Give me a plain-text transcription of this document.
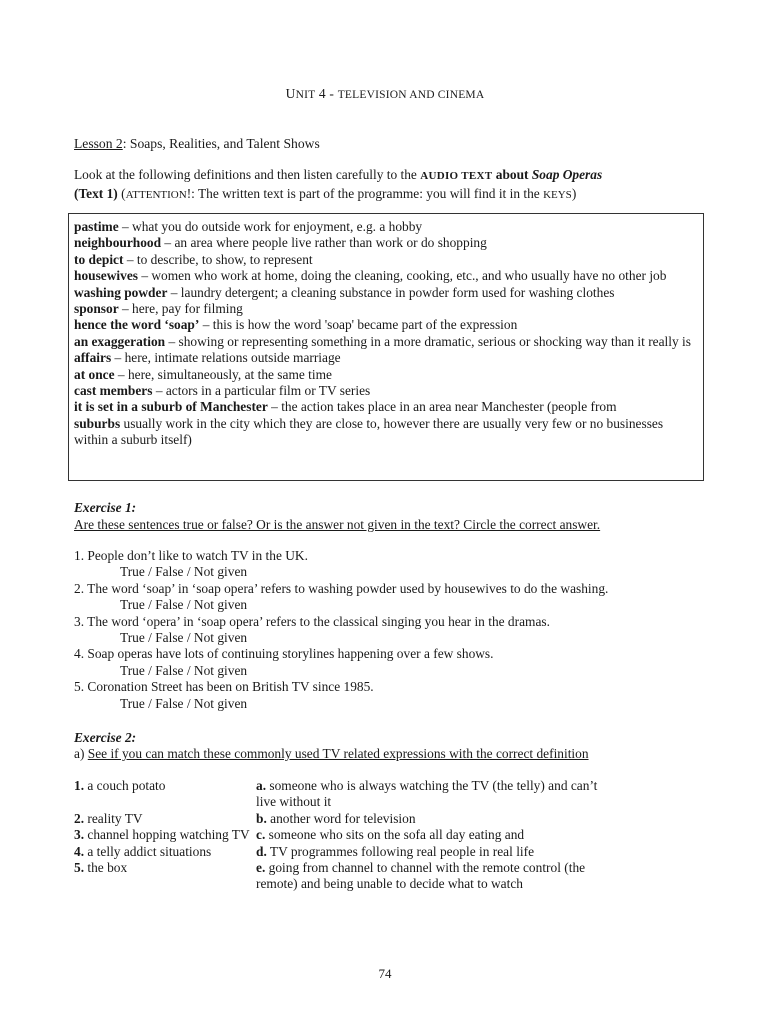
UNIT 4 - TELEVISION AND CINEMA
Lesson 2: Soaps, Realities, and Talent Shows
Look at the following definitions and then listen carefully to the AUDIO TEXT about Soap Operas
(Text 1) (ATTENTION!: The written text is part of the programme: you will find it in the KEYS)

pastime – what you do outside work for enjoyment, e.g. a hobby

neighbourhood – an area where people live rather than work or do shopping

to depict – to describe, to show, to represent

housewives – women who work at home, doing the cleaning, cooking, etc., and who usually have no other job

washing powder – laundry detergent; a cleaning substance in powder form used for washing clothes

sponsor – here, pay for filming

hence the word ‘soap’ – this is how the word 'soap' became part of the expression

an exaggeration – showing or representing something in a more dramatic, serious or shocking way than it really is

affairs – here, intimate relations outside marriage

at once – here, simultaneously, at the same time

cast members – actors in a particular film or TV series

it is set in a suburb of Manchester – the action takes place in an area near Manchester (people from
suburbs usually work in the city which they are close to, however there are usually very few or no businesses within a suburb itself)

Exercise 1:
Are these sentences true or false? Or is the answer not given in the text? Circle the correct answer.

1. People don’t like to watch TV in the UK.

True / False / Not given

2. The word ‘soap’ in ‘soap opera’ refers to washing powder used by housewives to do the washing.

True / False / Not given

3. The word ‘opera’ in ‘soap opera’ refers to the classical singing you hear in the dramas.

True / False / Not given

4. Soap operas have lots of continuing storylines happening over a few shows.

True / False / Not given

5. Coronation Street has been on British TV since 1985.

True / False / Not given

Exercise 2:
a) See if you can match these commonly used TV related expressions with the correct definition
1. a couch potato	a. someone who is always watching the TV (the telly) and can’t live without it
2. reality TV	b. another word for television
3. channel hopping watching TV c. someone who sits on the sofa all day eating and
4. a telly addict situations	d. TV programmes following real people in real life
5. the box	e. going from channel to channel with the remote control (the remote) and being unable to decide what to watch
74
